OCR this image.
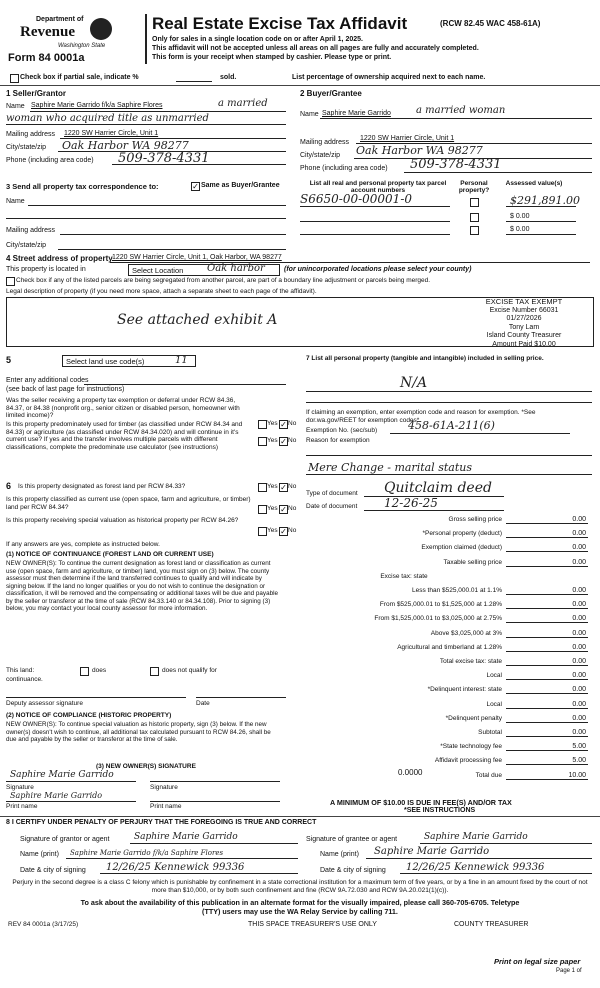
Department of
Revenue
Washington State
Form 84 0001a
Real Estate Excise Tax Affidavit	(RCW 82.45 WAC 458-61A)
Only for sales in a single location code on or after April 1, 2025.
This affidavit will not be accepted unless all areas on all pages are fully and accurately completed.
This form is your receipt when stamped by cashier. Please type or print.
Check box if partial sale, indicate %	sold.	List percentage of ownership acquired next to each name.
1 Seller/Grantor
Name Saphire Marie Garrido f/k/a Saphire Flores	a married
woman who acquired title as unmarried
Mailing address 1220 SW Harrier Circle, Unit 1
City/state/zip Oak Harbor WA 98277
Phone (including area code) 509-378-4331
2 Buyer/Grantee
Name Saphire Marie Garrido	a married woman
Mailing address
1220 SW Harrier Circle, Unit 1
City/state/zip Oak Harbor WA 98277
Phone (including area code) 509-378-4331
3 Send all property tax correspondence to:	✓ Same as Buyer/Grantee
Name
Mailing address
City/state/zip
List all real and personal property tax parcel account numbers
Personal property?
Assessed value(s)
S6650-00-00001-0	$291,891.00
$ 0.00
$ 0.00
4 Street address of property 1220 SW Harrier Circle, Unit 1, Oak Harbor, WA 98277
This property is located in	Select Location Oak harbor	(for unincorporated locations please select your county)
Check box if any of the listed parcels are being segregated from another parcel, are part of a boundary line adjustment or parcels being merged.
Legal description of property (if you need more space, attach a separate sheet to each page of the affidavit).
See attached exhibit A
EXCISE TAX EXEMPT
Excise Number 66031
01/27/2026
Tony Lam
Island County Treasurer
Amount Paid $10.00
5	Select land use code(s)	11
Enter any additional codes
(see back of last page for instructions)
Was the seller receiving a property tax exemption or deferral under RCW 84.36, 84.37, or 84.38 (nonprofit org., senior citizen or disabled person, homeowner with limited income)?
Is this property predominately used for timber (as classified under RCW 84.34 and 84.33) or agriculture (as classified under RCW 84.34.020) and will continue in it's current use? If yes and the transfer involves multiple parcels with different classifications, complete the predominate use calculator (see instructions)
6 Is this property designated as forest land per RCW 84.33?
Is this property classified as current use (open space, farm and agriculture, or timber) land per RCW 84.34?
Is this property receiving special valuation as historical property per RCW 84.26?
Yes ✓ No
Yes ✓ No
Yes ✓ No
Yes ✓ No
Yes ✓ No
If any answers are yes, complete as instructed below.
(1) NOTICE OF CONTINUANCE (FOREST LAND OR CURRENT USE)
NEW OWNER(S): To continue the current designation as forest land or classification as current use (open space, farm and agriculture, or timber) land, you must sign on (3) below. The county assessor must then determine if the land transferred continues to qualify and will indicate by signing below. If the land no longer qualifies or you do not wish to continue the designation or classification, it will be removed and the compensating or additional taxes will be due and payable by the seller or transferor at the time of sale (RCW 84.33.140 or 84.34.108). Prior to signing (3) below, you may contact your local county assessor for more information.
This land:	does	does not qualify for
continuance.
Deputy assessor signature	Date
(2) NOTICE OF COMPLIANCE (HISTORIC PROPERTY)
NEW OWNER(S): To continue special valuation as historic property, sign (3) below. If the new owner(s) doesn't wish to continue, all additional tax calculated pursuant to RCW 84.26, shall be due and payable by the seller or transferor at the time of sale.
(3) NEW OWNER(S) SIGNATURE
Saphire Marie Garrido
Signature	Signature
Saphire Marie Garrido
Print name	Print name
7 List all personal property (tangible and intangible) included in selling price.
N/A
If claiming an exemption, enter exemption code and reason for exemption. *See dor.wa.gov/REET for exemption codes*
Exemption No. (sec/sub)	458-61A-211(6)
Reason for exemption
Mere Change - marital status
Type of document Quitclaim deed
Date of document 12-26-25
Gross selling price	0.00
*Personal property (deduct)	0.00
Exemption claimed (deduct)	0.00
Taxable selling price	0.00
Excise tax: state
Less than $525,000.01 at 1.1%	0.00
From $525,000.01 to $1,525,000 at 1.28%	0.00
From $1,525,000.01 to $3,025,000 at 2.75%	0.00
Above $3,025,000 at 3%	0.00
Agricultural and timberland at 1.28%	0.00
Total excise tax: state	0.00
Local	0.00
*Delinquent interest: state	0.00
Local	0.00
*Delinquent penalty	0.00
Subtotal	0.00
*State technology fee	5.00
Affidavit processing fee	5.00
Total due	10.00
0.0000
A MINIMUM OF $10.00 IS DUE IN FEE(S) AND/OR TAX
*SEE INSTRUCTIONS
8 I CERTIFY UNDER PENALTY OF PERJURY THAT THE FOREGOING IS TRUE AND CORRECT
Signature of grantor or agent	Saphire Marie Garrido	Signature of grantee or agent	Saphire Marie Garrido
Name (print) Saphire Marie Garrido f/k/a Saphire Flores	Name (print) Saphire Marie Garrido
Date & city of signing 12/26/25 Kennewick 99336	Date & city of signing 12/26/25 Kennewick 99336
Perjury in the second degree is a class C felony which is punishable by confinement in a state correctional institution for a maximum term of five years, or by a fine in an amount fixed by the court of not more than $10,000, or by both such confinement and fine (RCW 9A.72.030 and RCW 9A.20.021(1)(c)).
To ask about the availability of this publication in an alternate format for the visually impaired, please call 360-705-6705. Teletype
(TTY) users may use the WA Relay Service by calling 711.
REV 84 0001a (3/17/25)	THIS SPACE TREASURER'S USE ONLY	COUNTY TREASURER
Print on legal size paper
Page 1 of
